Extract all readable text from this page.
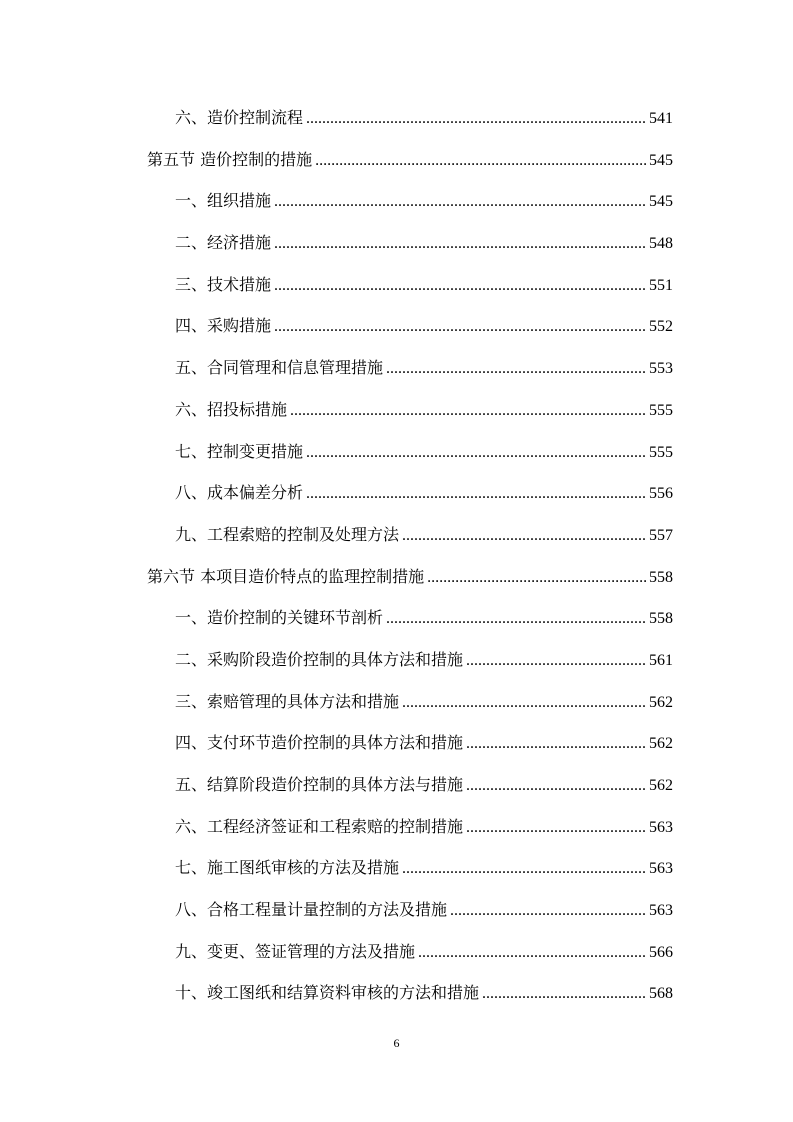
六、造价控制流程 .....	541
第五节 造价控制的措施 .....	545
一、组织措施 .....	545
二、经济措施 .....	548
三、技术措施 .....	551
四、采购措施 .....	552
五、合同管理和信息管理措施 .....	553
六、招投标措施 .....	555
七、控制变更措施 .....	555
八、成本偏差分析 .....	556
九、工程索赔的控制及处理方法 .....	557
第六节 本项目造价特点的监理控制措施 .....	558
一、造价控制的关键环节剖析 .....	558
二、采购阶段造价控制的具体方法和措施 .....	561
三、索赔管理的具体方法和措施 .....	562
四、支付环节造价控制的具体方法和措施 .....	562
五、结算阶段造价控制的具体方法与措施 .....	562
六、工程经济签证和工程索赔的控制措施 .....	563
七、施工图纸审核的方法及措施 .....	563
八、合格工程量计量控制的方法及措施 .....	563
九、变更、签证管理的方法及措施 .....	566
十、竣工图纸和结算资料审核的方法和措施 .....	568
6
